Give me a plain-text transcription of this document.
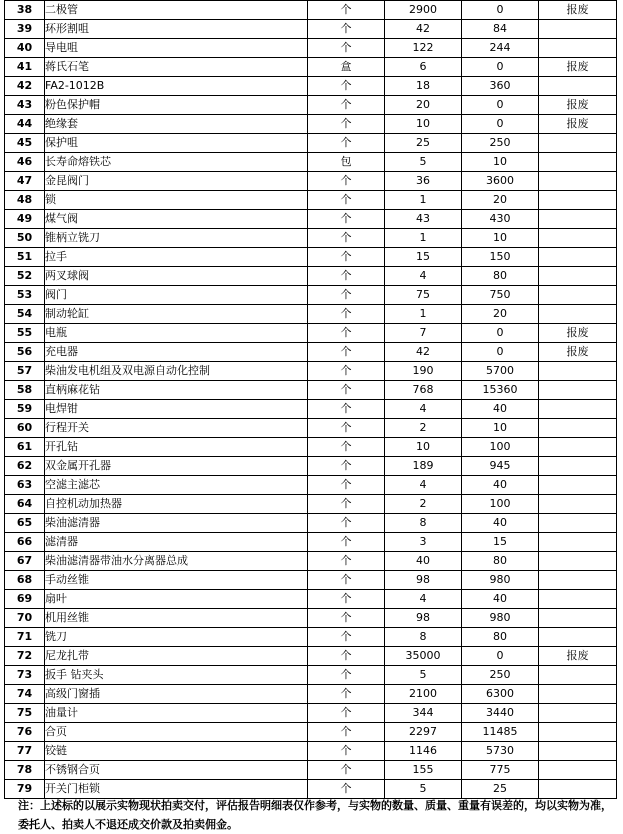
38	二极管	个	2900	0	报废
39	环形割咀	个	42	84	
40	导电咀	个	122	244	
41	蒋氏石笔	盒	6	0	报废
42	FA2-1012B	个	18	360	
43	粉色保护帽	个	20	0	报废
44	绝缘套	个	10	0	报废
45	保护咀	个	25	250	
46	长寿命熔铁芯	包	5	10	
47	金昆阀门	个	36	3600	
48	锁	个	1	20	
49	煤气阀	个	43	430	
50	锥柄立铣刀	个	1	10	
51	拉手	个	15	150	
52	两叉球阀	个	4	80	
53	阀门	个	75	750	
54	制动轮缸	个	1	20	
55	电瓶	个	7	0	报废
56	充电器	个	42	0	报废
57	柴油发电机组及双电源自动化控制	个	190	5700	
58	直柄麻花钻	个	768	15360	
59	电焊钳	个	4	40	
60	行程开关	个	2	10	
61	开孔钻	个	10	100	
62	双金属开孔器	个	189	945	
63	空滤主滤芯	个	4	40	
64	自控机动加热器	个	2	100	
65	柴油滤清器	个	8	40	
66	滤清器	个	3	15	
67	柴油滤清器带油水分离器总成	个	40	80	
68	手动丝锥	个	98	980	
69	扇叶	个	4	40	
70	机用丝锥	个	98	980	
71	铣刀	个	8	80	
72	尼龙扎带	个	35000	0	报废
73	扳手 钻夹头	个	5	250	
74	高级门窗插	个	2100	6300	
75	油量计	个	344	3440	
76	合页	个	2297	11485	
77	铰链	个	1146	5730	
78	不锈钢合页	个	155	775	
79	开关门柜锁	个	5	25	
注：上述标的以展示实物现状拍卖交付，评估报告明细表仅作参考，与实物的数量、质量、重量有误差的，均以实物为准，委托人、拍卖人不退还成交价款及拍卖佣金。
